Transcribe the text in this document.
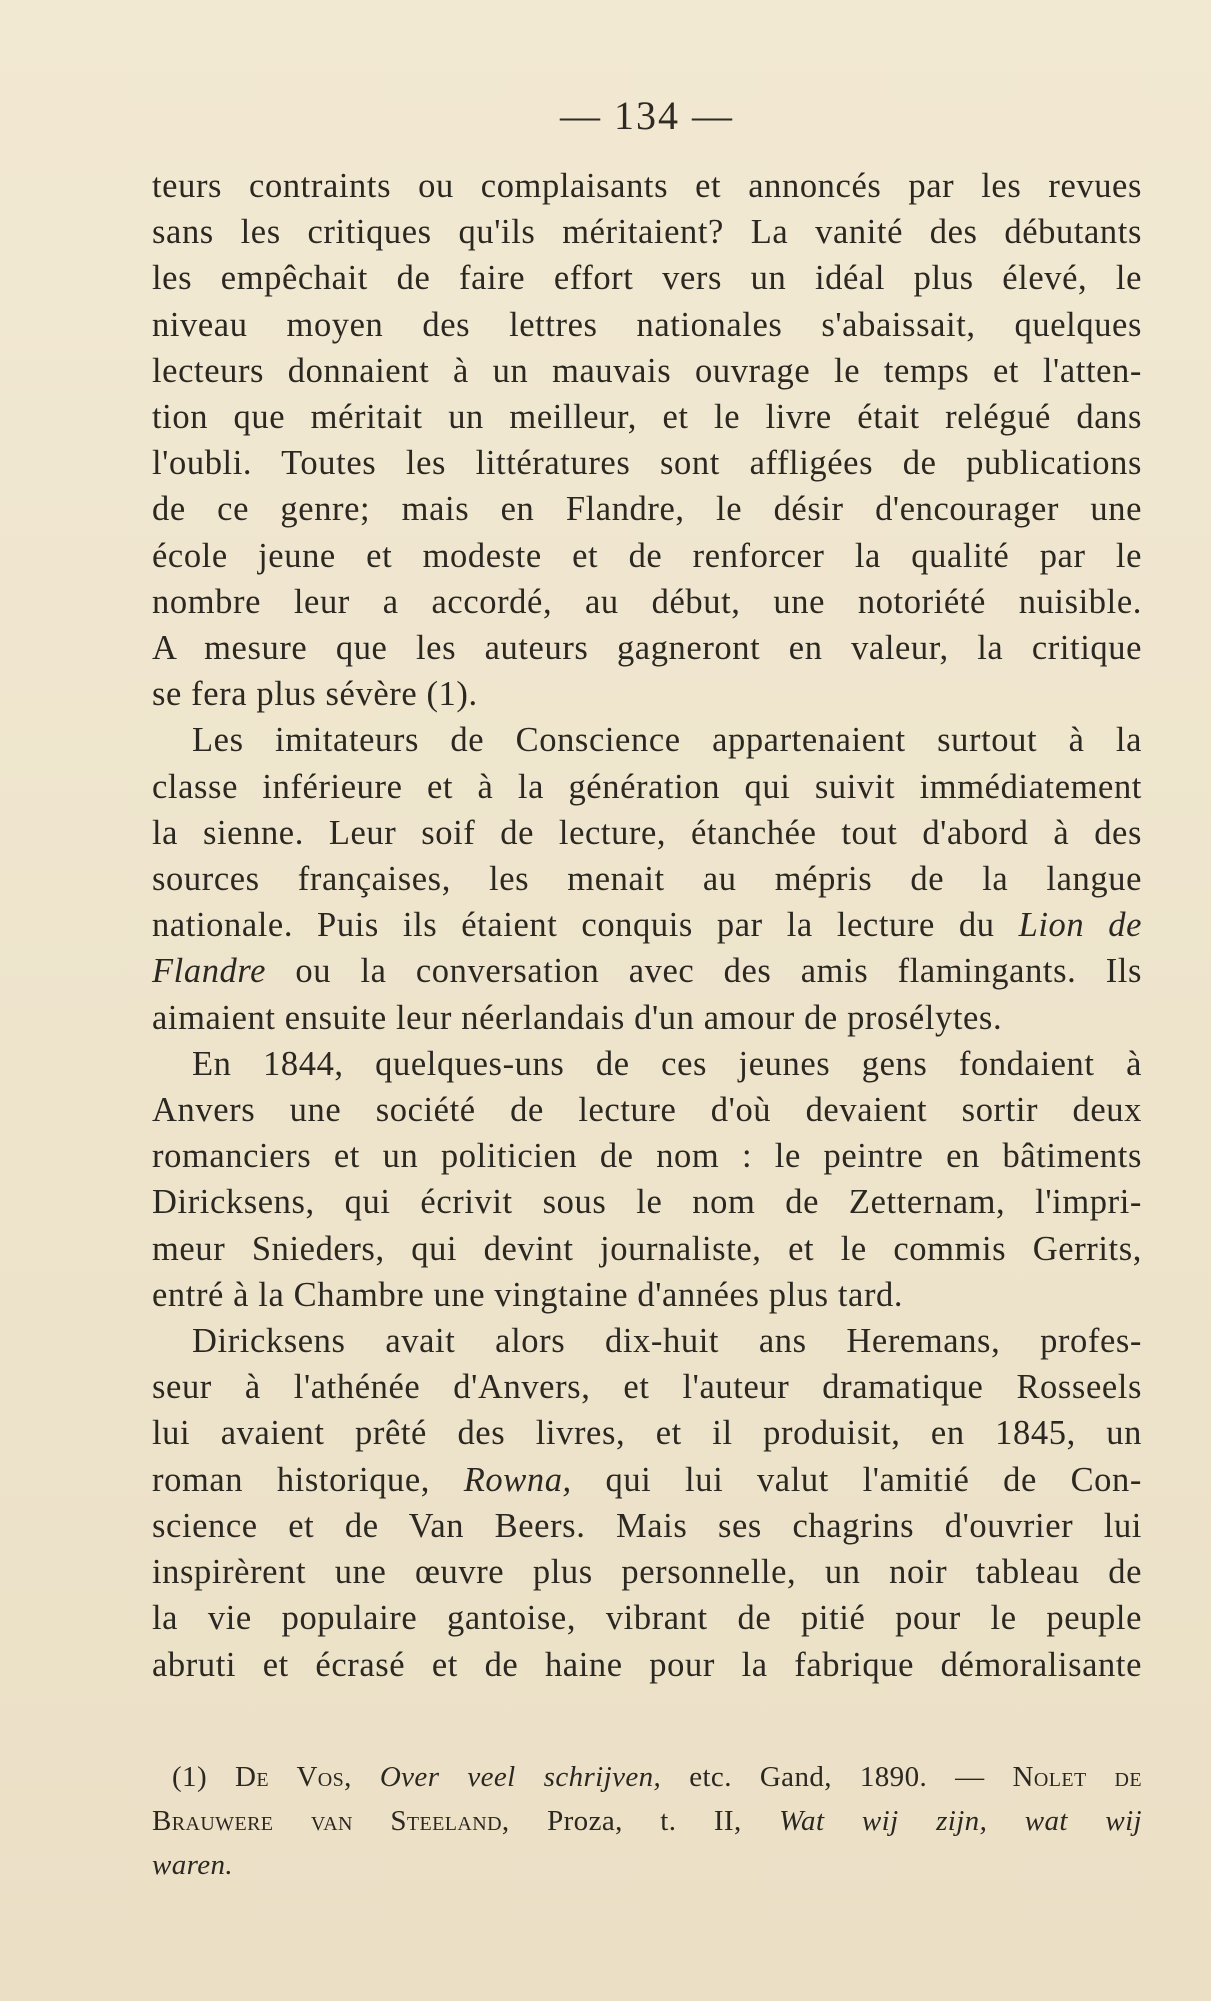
— 134 —
teurs contraints ou complaisants et annoncés par les revues
sans les critiques qu'ils méritaient? La vanité des débutants
les empêchait de faire effort vers un idéal plus élevé, le
niveau moyen des lettres nationales s'abaissait, quelques
lecteurs donnaient à un mauvais ouvrage le temps et l'atten-
tion que méritait un meilleur, et le livre était relégué dans
l'oubli. Toutes les littératures sont affligées de publications
de ce genre; mais en Flandre, le désir d'encourager une
école jeune et modeste et de renforcer la qualité par le
nombre leur a accordé, au début, une notoriété nuisible.
A mesure que les auteurs gagneront en valeur, la critique
se fera plus sévère (1).
Les imitateurs de Conscience appartenaient surtout à la
classe inférieure et à la génération qui suivit immédiatement
la sienne. Leur soif de lecture, étanchée tout d'abord à des
sources françaises, les menait au mépris de la langue
nationale. Puis ils étaient conquis par la lecture du Lion de
Flandre ou la conversation avec des amis flamingants. Ils
aimaient ensuite leur néerlandais d'un amour de prosélytes.
En 1844, quelques-uns de ces jeunes gens fondaient à
Anvers une société de lecture d'où devaient sortir deux
romanciers et un politicien de nom : le peintre en bâtiments
Diricksens, qui écrivit sous le nom de Zetternam, l'impri-
meur Snieders, qui devint journaliste, et le commis Gerrits,
entré à la Chambre une vingtaine d'années plus tard.
Diricksens avait alors dix-huit ans Heremans, profes-
seur à l'athénée d'Anvers, et l'auteur dramatique Rosseels
lui avaient prêté des livres, et il produisit, en 1845, un
roman historique, Rowna, qui lui valut l'amitié de Con-
science et de Van Beers. Mais ses chagrins d'ouvrier lui
inspirèrent une œuvre plus personnelle, un noir tableau de
la vie populaire gantoise, vibrant de pitié pour le peuple
abruti et écrasé et de haine pour la fabrique démoralisante
(1) De Vos, Over veel schrijven, etc. Gand, 1890. — Nolet de
Brauwere van Steeland, Proza, t. II, Wat wij zijn, wat wij
waren.
